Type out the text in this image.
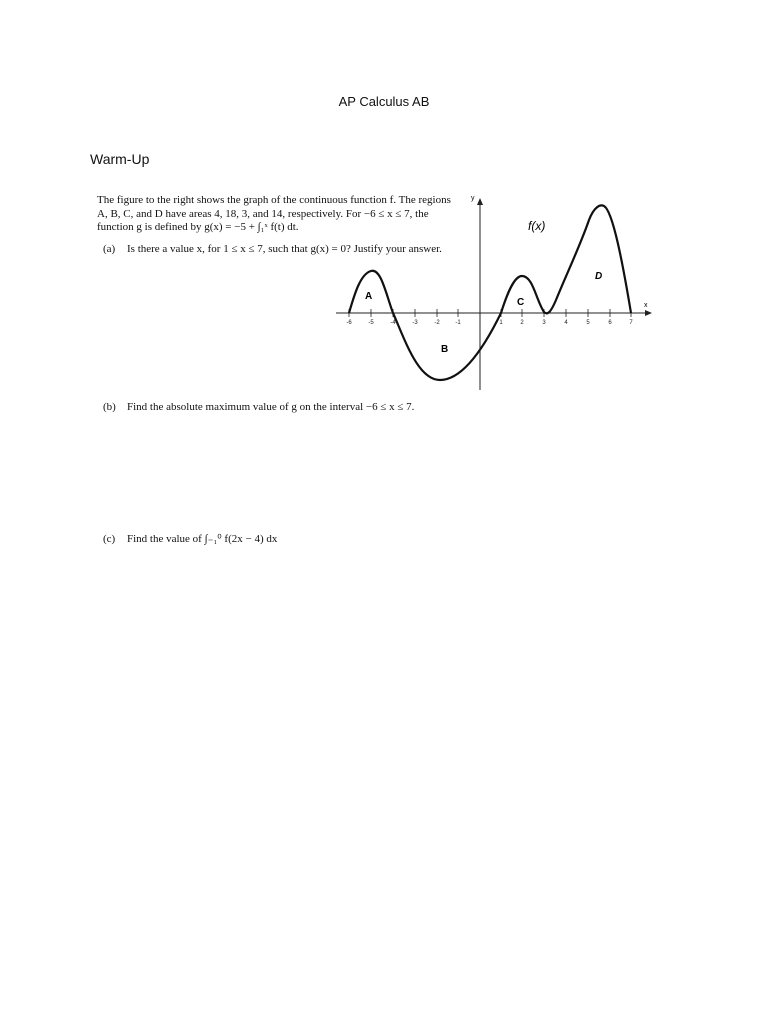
AP Calculus AB
Warm-Up
The figure to the right shows the graph of the continuous function f. The regions A, B, C, and D have areas 4, 18, 3, and 14, respectively. For −6 ≤ x ≤ 7, the function g is defined by g(x) = −5 + ∫₁ˣ f(t) dt.
(a)	Is there a value x, for 1 ≤ x ≤ 7, such that g(x) = 0? Justify your answer.
(b)	Find the absolute maximum value of g on the interval −6 ≤ x ≤ 7.
(c)	Find the value of ∫₋₁⁰ f(2x − 4) dx
x
y
-6	-5	-4	-3	-2	-1	1	2	3	4	5	6	7
A
B
C
D
f(x)
